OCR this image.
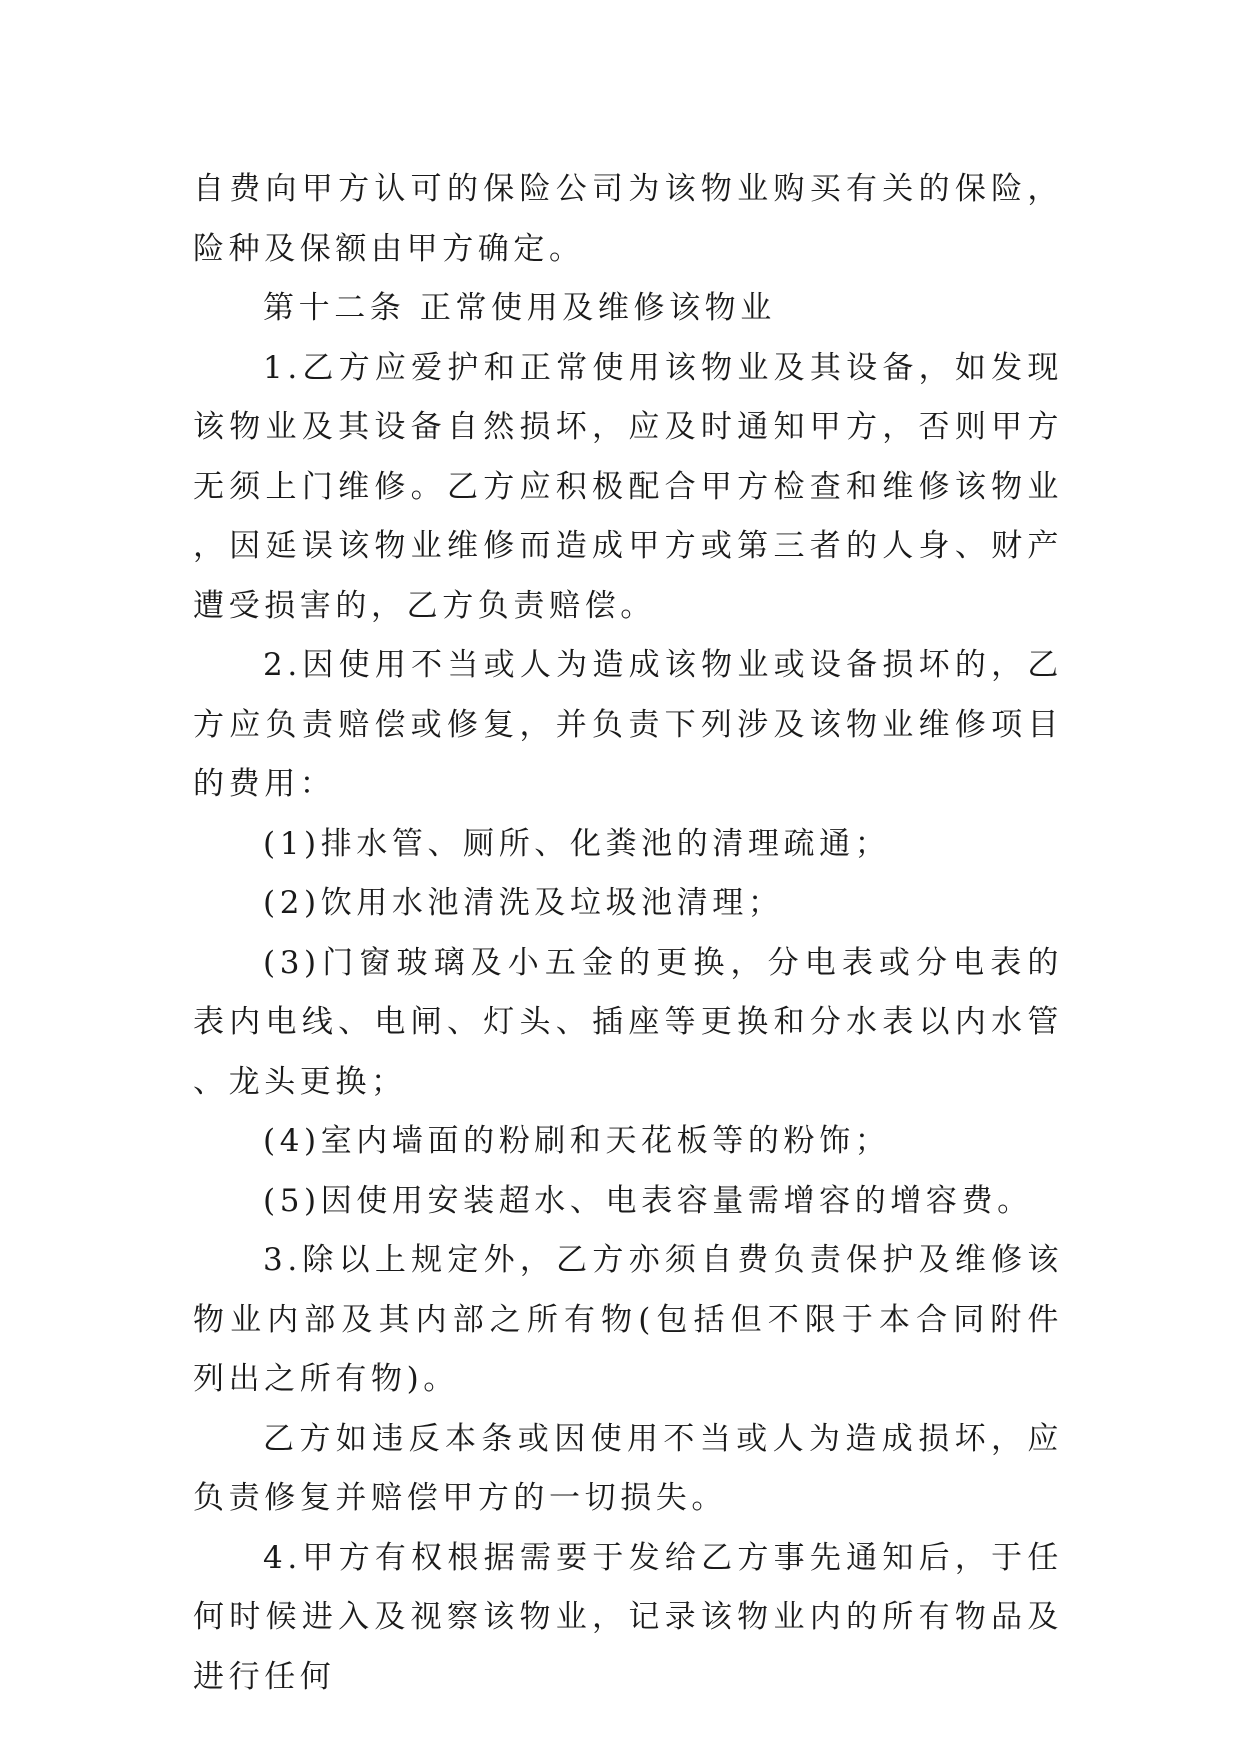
自费向甲方认可的保险公司为该物业购买有关的保险，险种及保额由甲方确定。

第十二条 正常使用及维修该物业

1.乙方应爱护和正常使用该物业及其设备，如发现该物业及其设备自然损坏，应及时通知甲方，否则甲方无须上门维修。乙方应积极配合甲方检查和维修该物业，因延误该物业维修而造成甲方或第三者的人身、财产遭受损害的，乙方负责赔偿。

2.因使用不当或人为造成该物业或设备损坏的，乙方应负责赔偿或修复，并负责下列涉及该物业维修项目的费用：

(1)排水管、厕所、化粪池的清理疏通；

(2)饮用水池清洗及垃圾池清理；

(3)门窗玻璃及小五金的更换，分电表或分电表的表内电线、电闸、灯头、插座等更换和分水表以内水管、龙头更换；

(4)室内墙面的粉刷和天花板等的粉饰；

(5)因使用安装超水、电表容量需增容的增容费。

3.除以上规定外，乙方亦须自费负责保护及维修该物业内部及其内部之所有物(包括但不限于本合同附件列出之所有物)。

乙方如违反本条或因使用不当或人为造成损坏，应负责修复并赔偿甲方的一切损失。

4.甲方有权根据需要于发给乙方事先通知后，于任何时候进入及视察该物业，记录该物业内的所有物品及进行任何
